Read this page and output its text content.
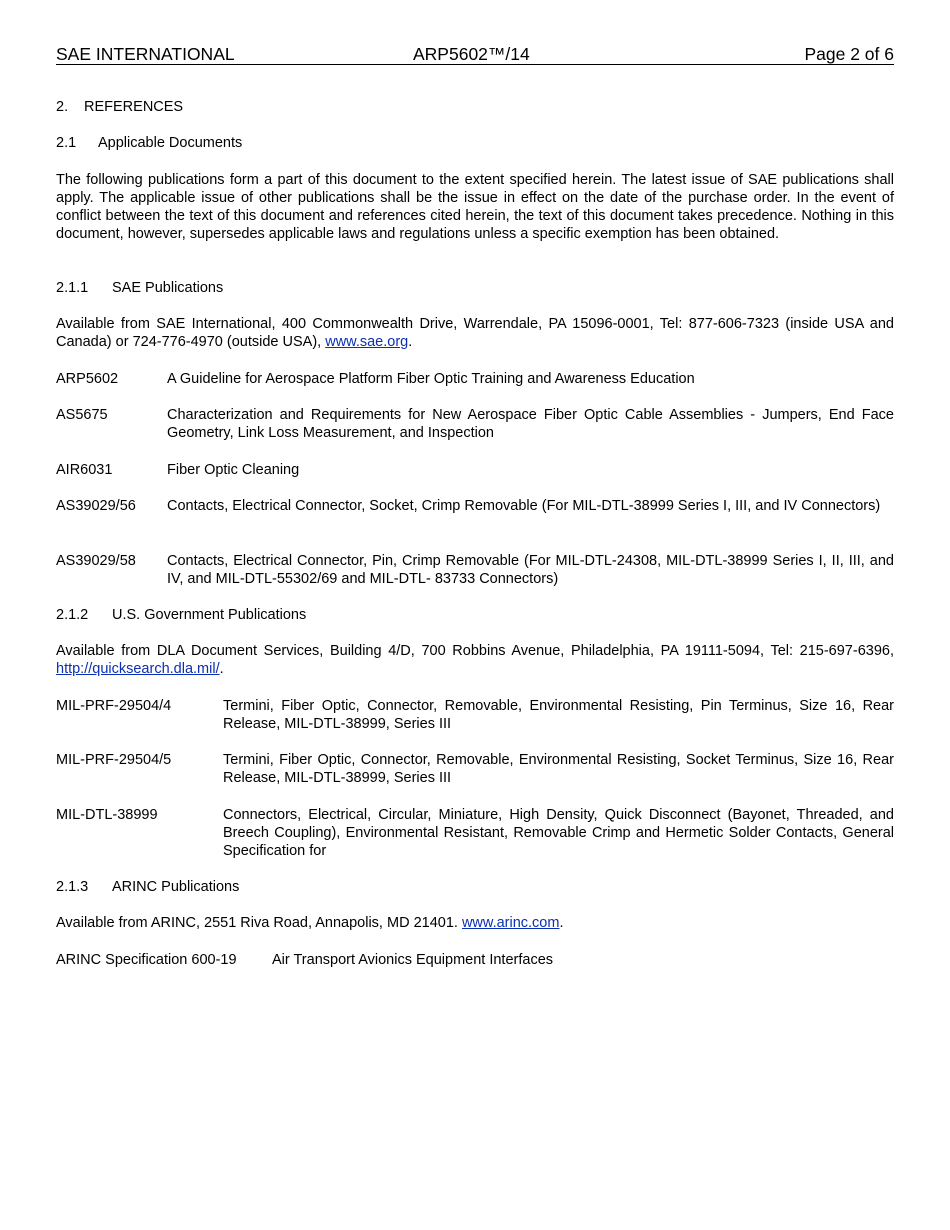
SAE INTERNATIONAL	ARP5602™/14	Page 2 of 6
2. REFERENCES
2.1 Applicable Documents
The following publications form a part of this document to the extent specified herein. The latest issue of SAE publications shall apply. The applicable issue of other publications shall be the issue in effect on the date of the purchase order. In the event of conflict between the text of this document and references cited herein, the text of this document takes precedence. Nothing in this document, however, supersedes applicable laws and regulations unless a specific exemption has been obtained.
2.1.1 SAE Publications
Available from SAE International, 400 Commonwealth Drive, Warrendale, PA 15096-0001, Tel: 877-606-7323 (inside USA and Canada) or 724-776-4970 (outside USA), www.sae.org.
ARP5602	A Guideline for Aerospace Platform Fiber Optic Training and Awareness Education
AS5675	Characterization and Requirements for New Aerospace Fiber Optic Cable Assemblies - Jumpers, End Face Geometry, Link Loss Measurement, and Inspection
AIR6031	Fiber Optic Cleaning
AS39029/56 Contacts, Electrical Connector, Socket, Crimp Removable (For MIL-DTL-38999 Series I, III, and IV Connectors)
AS39029/58 Contacts, Electrical Connector, Pin, Crimp Removable (For MIL-DTL-24308, MIL-DTL-38999 Series I, II, III, and IV, and MIL-DTL-55302/69 and MIL-DTL- 83733 Connectors)
2.1.2 U.S. Government Publications
Available from DLA Document Services, Building 4/D, 700 Robbins Avenue, Philadelphia, PA 19111-5094, Tel: 215-697-6396, http://quicksearch.dla.mil/.
MIL-PRF-29504/4	Termini, Fiber Optic, Connector, Removable, Environmental Resisting, Pin Terminus, Size 16, Rear Release, MIL-DTL-38999, Series III
MIL-PRF-29504/5	Termini, Fiber Optic, Connector, Removable, Environmental Resisting, Socket Terminus, Size 16, Rear Release, MIL-DTL-38999, Series III
MIL-DTL-38999	Connectors, Electrical, Circular, Miniature, High Density, Quick Disconnect (Bayonet, Threaded, and Breech Coupling), Environmental Resistant, Removable Crimp and Hermetic Solder Contacts, General Specification for
2.1.3 ARINC Publications
Available from ARINC, 2551 Riva Road, Annapolis, MD 21401. www.arinc.com.
ARINC Specification 600-19 Air Transport Avionics Equipment Interfaces
